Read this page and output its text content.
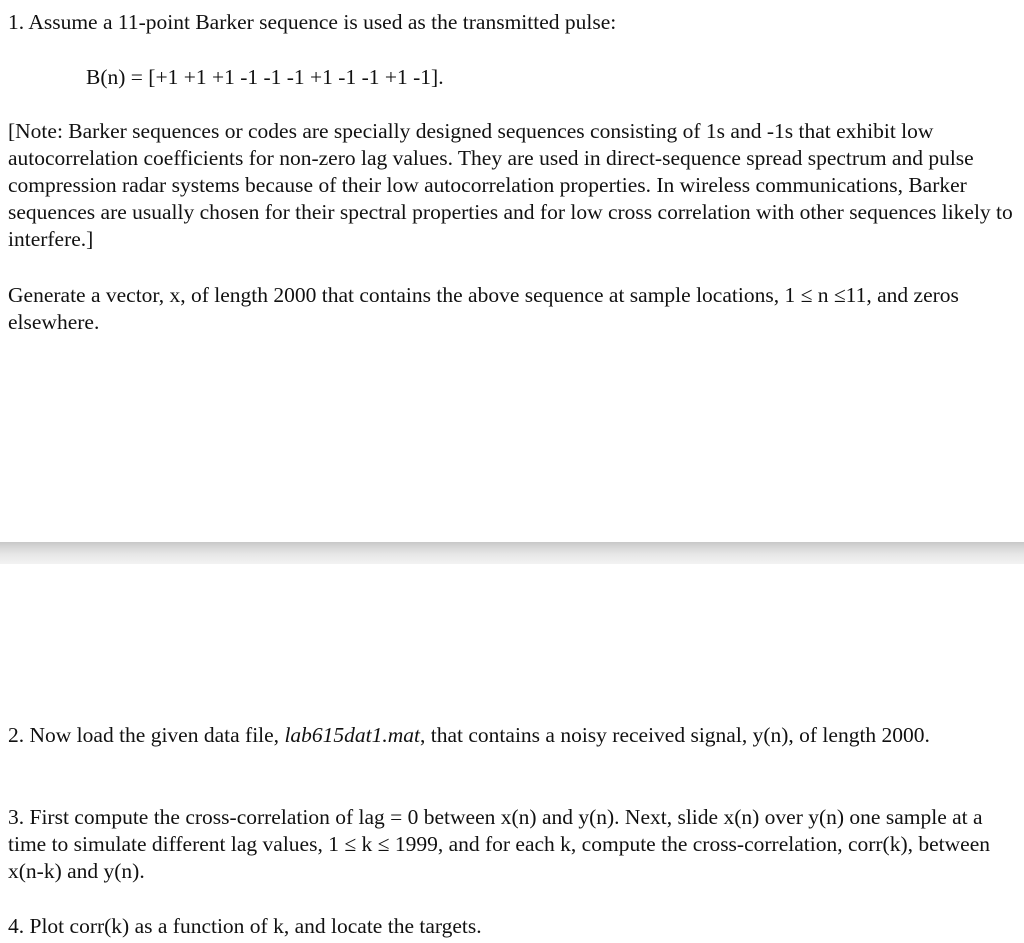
1. Assume a 11-point Barker sequence is used as the transmitted pulse:

B(n) = [+1 +1 +1 -1 -1 -1 +1 -1 -1 +1 -1].

[Note: Barker sequences or codes are specially designed sequences consisting of 1s and -1s that exhibit low autocorrelation coefficients for non-zero lag values. They are used in direct-sequence spread spectrum and pulse compression radar systems because of their low autocorrelation properties. In wireless communications, Barker sequences are usually chosen for their spectral properties and for low cross correlation with other sequences likely to interfere.]

Generate a vector, x, of length 2000 that contains the above sequence at sample locations, 1 ≤ n ≤11, and zeros elsewhere.

2. Now load the given data file, lab615dat1.mat, that contains a noisy received signal, y(n), of length 2000.

3. First compute the cross-correlation of lag = 0 between x(n) and y(n). Next, slide x(n) over y(n) one sample at a time to simulate different lag values, 1 ≤ k ≤ 1999, and for each k, compute the cross-correlation, corr(k), between x(n-k) and y(n).

4. Plot corr(k) as a function of k, and locate the targets.
